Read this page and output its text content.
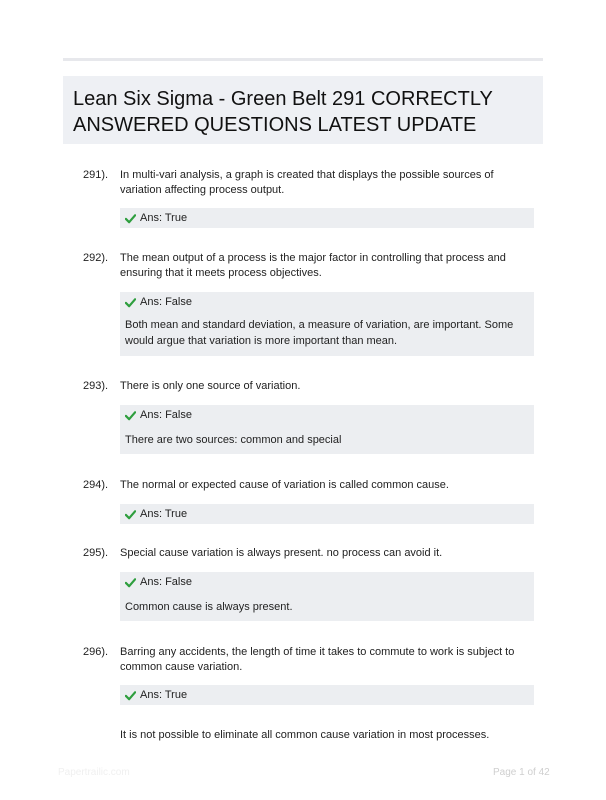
Lean Six Sigma - Green Belt 291 CORRECTLY
ANSWERED QUESTIONS LATEST UPDATE
291). In multi-vari analysis, a graph is created that displays the possible sources of variation affecting process output.
Ans: True
292). The mean output of a process is the major factor in controlling that process and ensuring that it meets process objectives.
Ans: False
Both mean and standard deviation, a measure of variation, are important. Some would argue that variation is more important than mean.
293). There is only one source of variation.
Ans: False
There are two sources: common and special
294). The normal or expected cause of variation is called common cause.
Ans: True
295). Special cause variation is always present. no process can avoid it.
Ans: False
Common cause is always present.
296). Barring any accidents, the length of time it takes to commute to work is subject to common cause variation.
Ans: True
It is not possible to eliminate all common cause variation in most processes.
Papertrailic.com	Page 1 of 42
